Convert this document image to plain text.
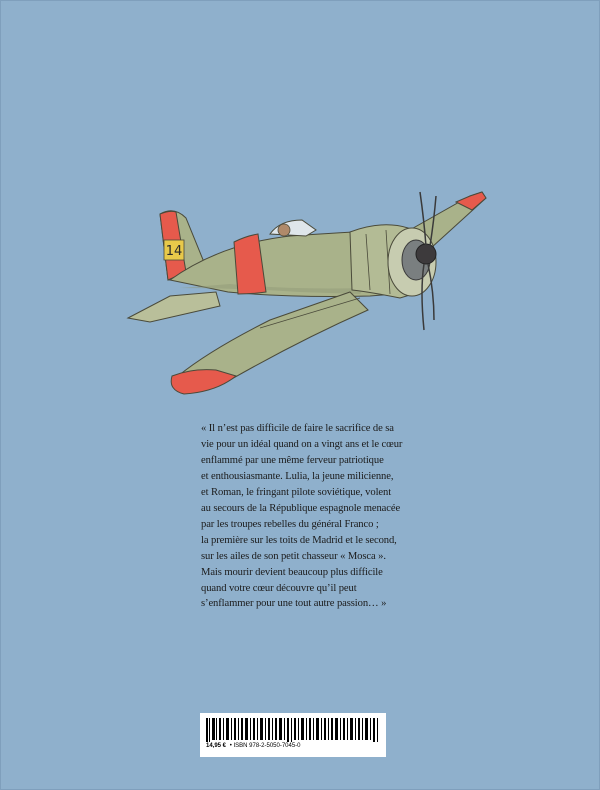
14

« Il n’est pas difficile de faire le sacrifice de sa

vie pour un idéal quand on a vingt ans et le cœur

enflammé par une même ferveur patriotique

et enthousiasmante. Lulia, la jeune milicienne,

et Roman, le fringant pilote soviétique, volent

au secours de la République espagnole menacée

par les troupes rebelles du général Franco ;

la première sur les toits de Madrid et le second,

sur les ailes de son petit chasseur « Mosca ».

Mais mourir devient beaucoup plus difficile

quand votre cœur découvre qu’il peut

s’enflammer pour une tout autre passion… »

14,95 € • ISBN 978-2-5050-7045-0
